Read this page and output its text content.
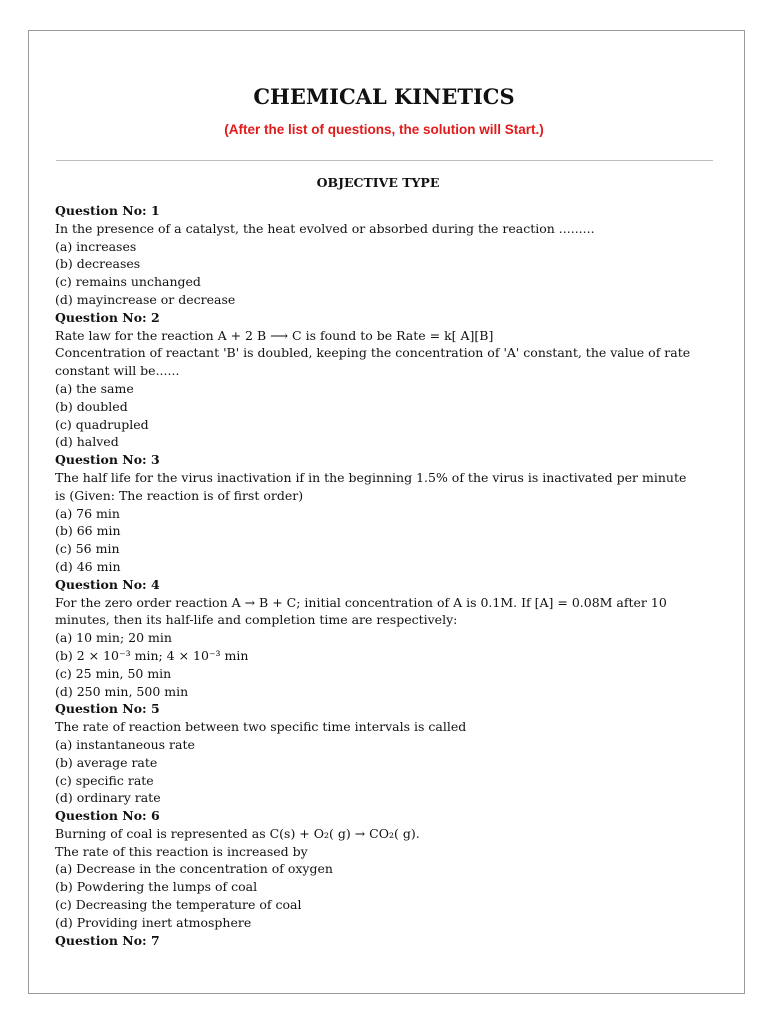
CHEMICAL KINETICS
(After the list of questions, the solution will Start.)
OBJECTIVE TYPE
Question No: 1
In the presence of a catalyst, the heat evolved or absorbed during the reaction .........
(a) increases
(b) decreases
(c) remains unchanged
(d) mayincrease or decrease
Question No: 2
Rate law for the reaction A + 2 B ⟶ C is found to be Rate = k[ A][B]
Concentration of reactant 'B' is doubled, keeping the concentration of 'A' constant, the value of rate
constant will be......
(a) the same
(b) doubled
(c) quadrupled
(d) halved
Question No: 3
The half life for the virus inactivation if in the beginning 1.5% of the virus is inactivated per minute
is (Given: The reaction is of first order)
(a) 76 min
(b) 66 min
(c) 56 min
(d) 46 min
Question No: 4
For the zero order reaction A → B + C; initial concentration of A is 0.1M. If [A] = 0.08M after 10
minutes, then its half-life and completion time are respectively:
(a) 10 min; 20 min
(b) 2 × 10⁻³ min; 4 × 10⁻³ min
(c) 25 min, 50 min
(d) 250 min, 500 min
Question No: 5
The rate of reaction between two specific time intervals is called
(a) instantaneous rate
(b) average rate
(c) specific rate
(d) ordinary rate
Question No: 6
Burning of coal is represented as C(s) + O₂( g) → CO₂( g).
The rate of this reaction is increased by
(a) Decrease in the concentration of oxygen
(b) Powdering the lumps of coal
(c) Decreasing the temperature of coal
(d) Providing inert atmosphere
Question No: 7
